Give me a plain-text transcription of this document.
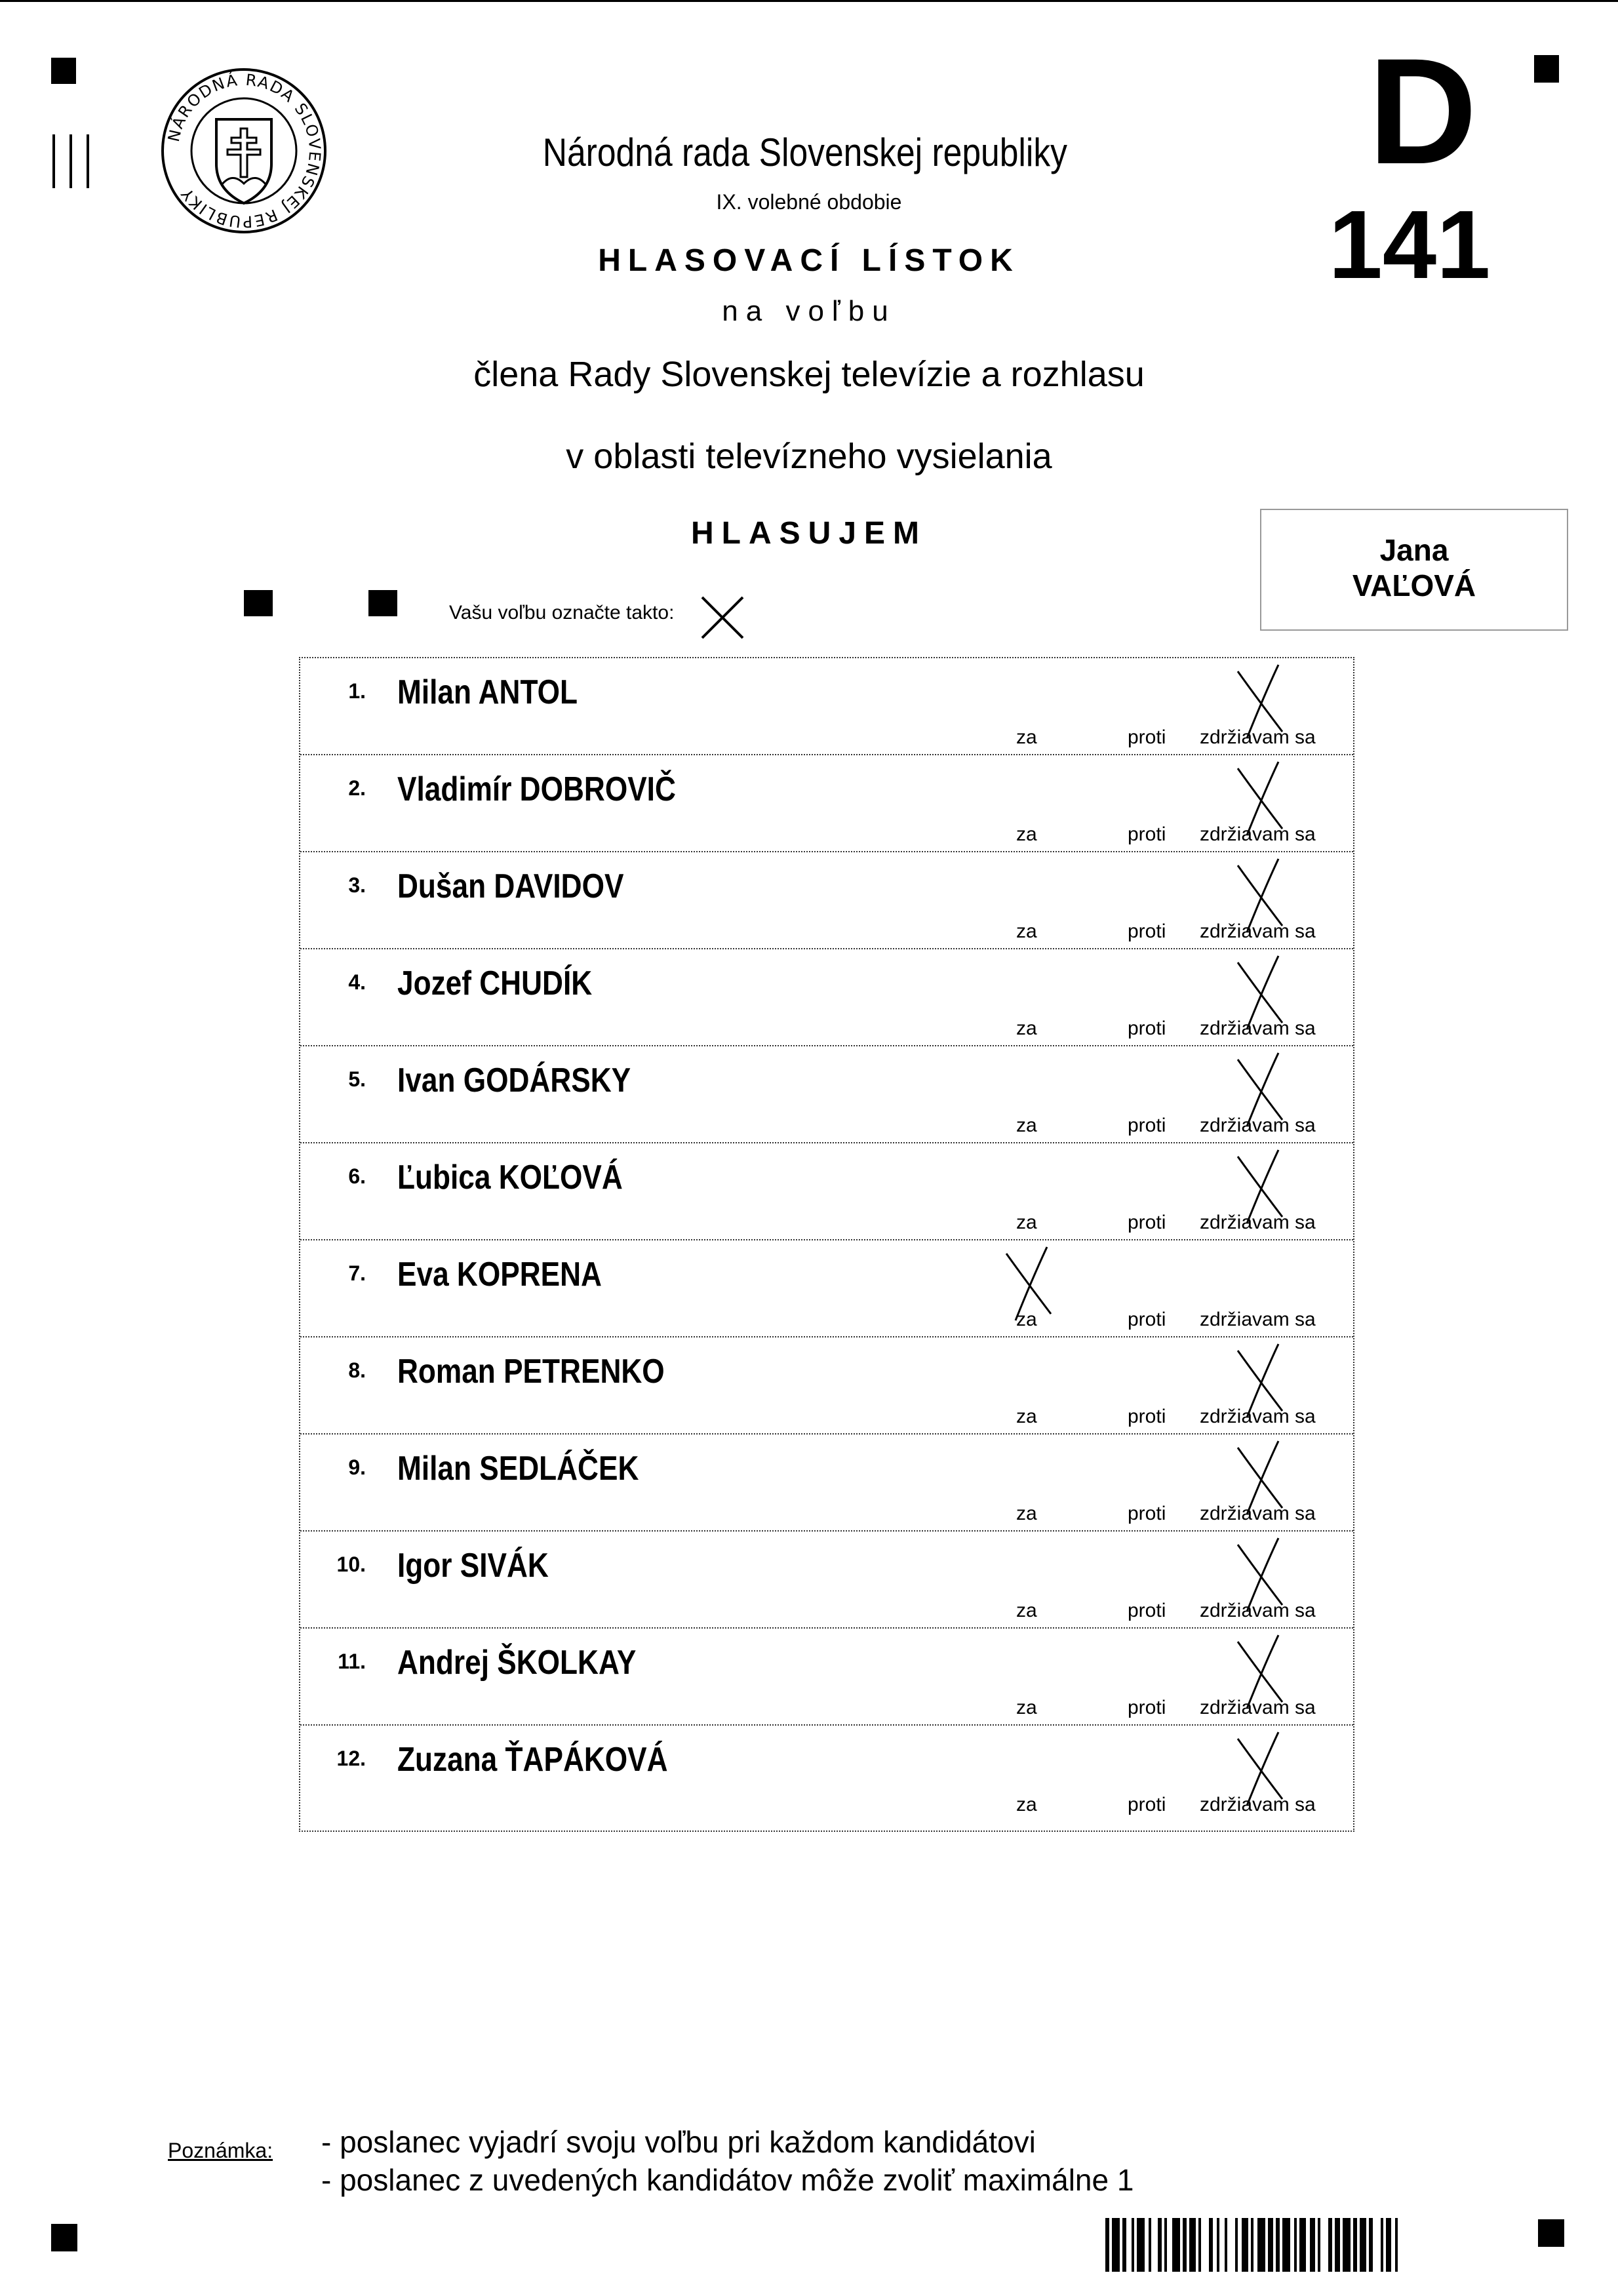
NÁRODNÁ RADA SLOVENSKEJ REPUBLIKY
Národná rada Slovenskej republiky
IX. volebné obdobie
HLASOVACÍ LÍSTOK
na voľbu
člena Rady Slovenskej televízie a rozhlasu
v oblasti televízneho vysielania
HLASUJEM
D
141
Jana
VAĽOVÁ
Vašu voľbu označte takto:
1. Milan ANTOL
za	proti zdržiavam sa
2. Vladimír DOBROVIČ
za	proti zdržiavam sa
3. Dušan DAVIDOV
za	proti zdržiavam sa
4. Jozef CHUDÍK
za	proti zdržiavam sa
5. Ivan GODÁRSKY
za	proti zdržiavam sa
6. Ľubica KOĽOVÁ
za	proti zdržiavam sa
7. Eva KOPRENA
za	proti zdržiavam sa
8. Roman PETRENKO
za	proti zdržiavam sa
9. Milan SEDLÁČEK
za	proti zdržiavam sa
10. Igor SIVÁK
za	proti zdržiavam sa
11. Andrej ŠKOLKAY
za	proti zdržiavam sa
12. Zuzana ŤAPÁKOVÁ
za	proti zdržiavam sa
Poznámka: - poslanec vyjadrí svoju voľbu pri každom kandidátovi
- poslanec z uvedených kandidátov môže zvoliť maximálne 1
